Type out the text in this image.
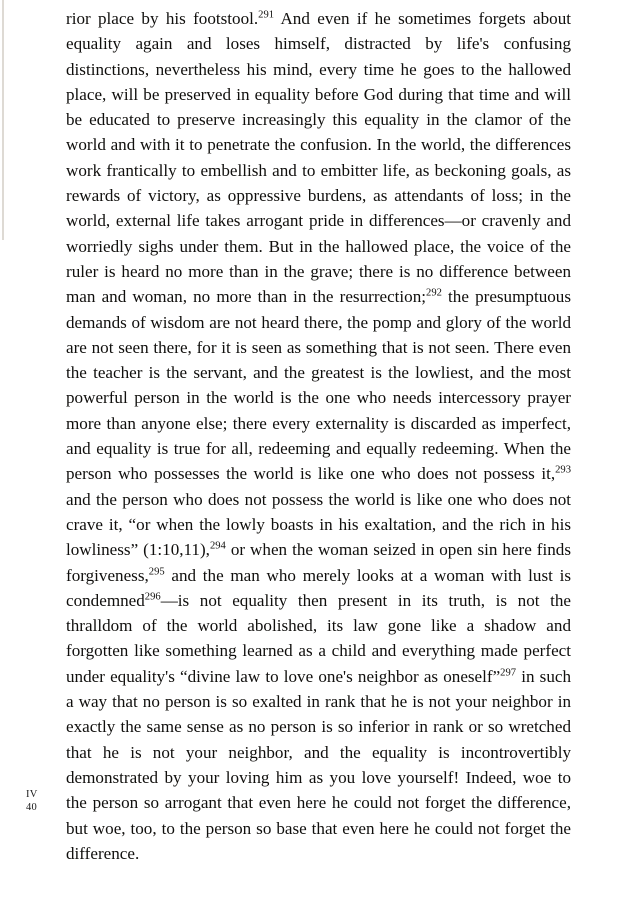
IV
40

rior place by his footstool.$^{291}$ And even if he sometimes forgets about equality again and loses himself, distracted by life's confusing distinctions, nevertheless his mind, every time he goes to the hallowed place, will be preserved in equality before God during that time and will be educated to preserve increasingly this equality in the clamor of the world and with it to penetrate the confusion. In the world, the differences work frantically to embellish and to embitter life, as beckoning goals, as rewards of victory, as oppressive burdens, as attendants of loss; in the world, external life takes arrogant pride in differences—or cravenly and worriedly sighs under them. But in the hallowed place, the voice of the ruler is heard no more than in the grave; there is no difference between man and woman, no more than in the resurrection;$^{292}$ the presumptuous demands of wisdom are not heard there, the pomp and glory of the world are not seen there, for it is seen as something that is not seen. There even the teacher is the servant, and the greatest is the lowliest, and the most powerful person in the world is the one who needs intercessory prayer more than anyone else; there every externality is discarded as imperfect, and equality is true for all, redeeming and equally redeeming. When the person who possesses the world is like one who does not possess it,$^{293}$ and the person who does not possess the world is like one who does not crave it, “or when the lowly boasts in his exaltation, and the rich in his lowliness” (1:10,11),$^{294}$ or when the woman seized in open sin here finds forgiveness,$^{295}$ and the man who merely looks at a woman with lust is condemned$^{296}$—is not equality then present in its truth, is not the thralldom of the world abolished, its law gone like a shadow and forgotten like something learned as a child and everything made perfect under equality's “divine law to love one's neighbor as oneself”$^{297}$ in such a way that no person is so exalted in rank that he is not your neighbor in exactly the same sense as no person is so inferior in rank or so wretched that he is not your neighbor, and the equality is incontrovertibly demonstrated by your loving him as you love yourself! Indeed, woe to the person so arrogant that even here he could not forget the difference, but woe, too, to the person so base that even here he could not forget the difference.
